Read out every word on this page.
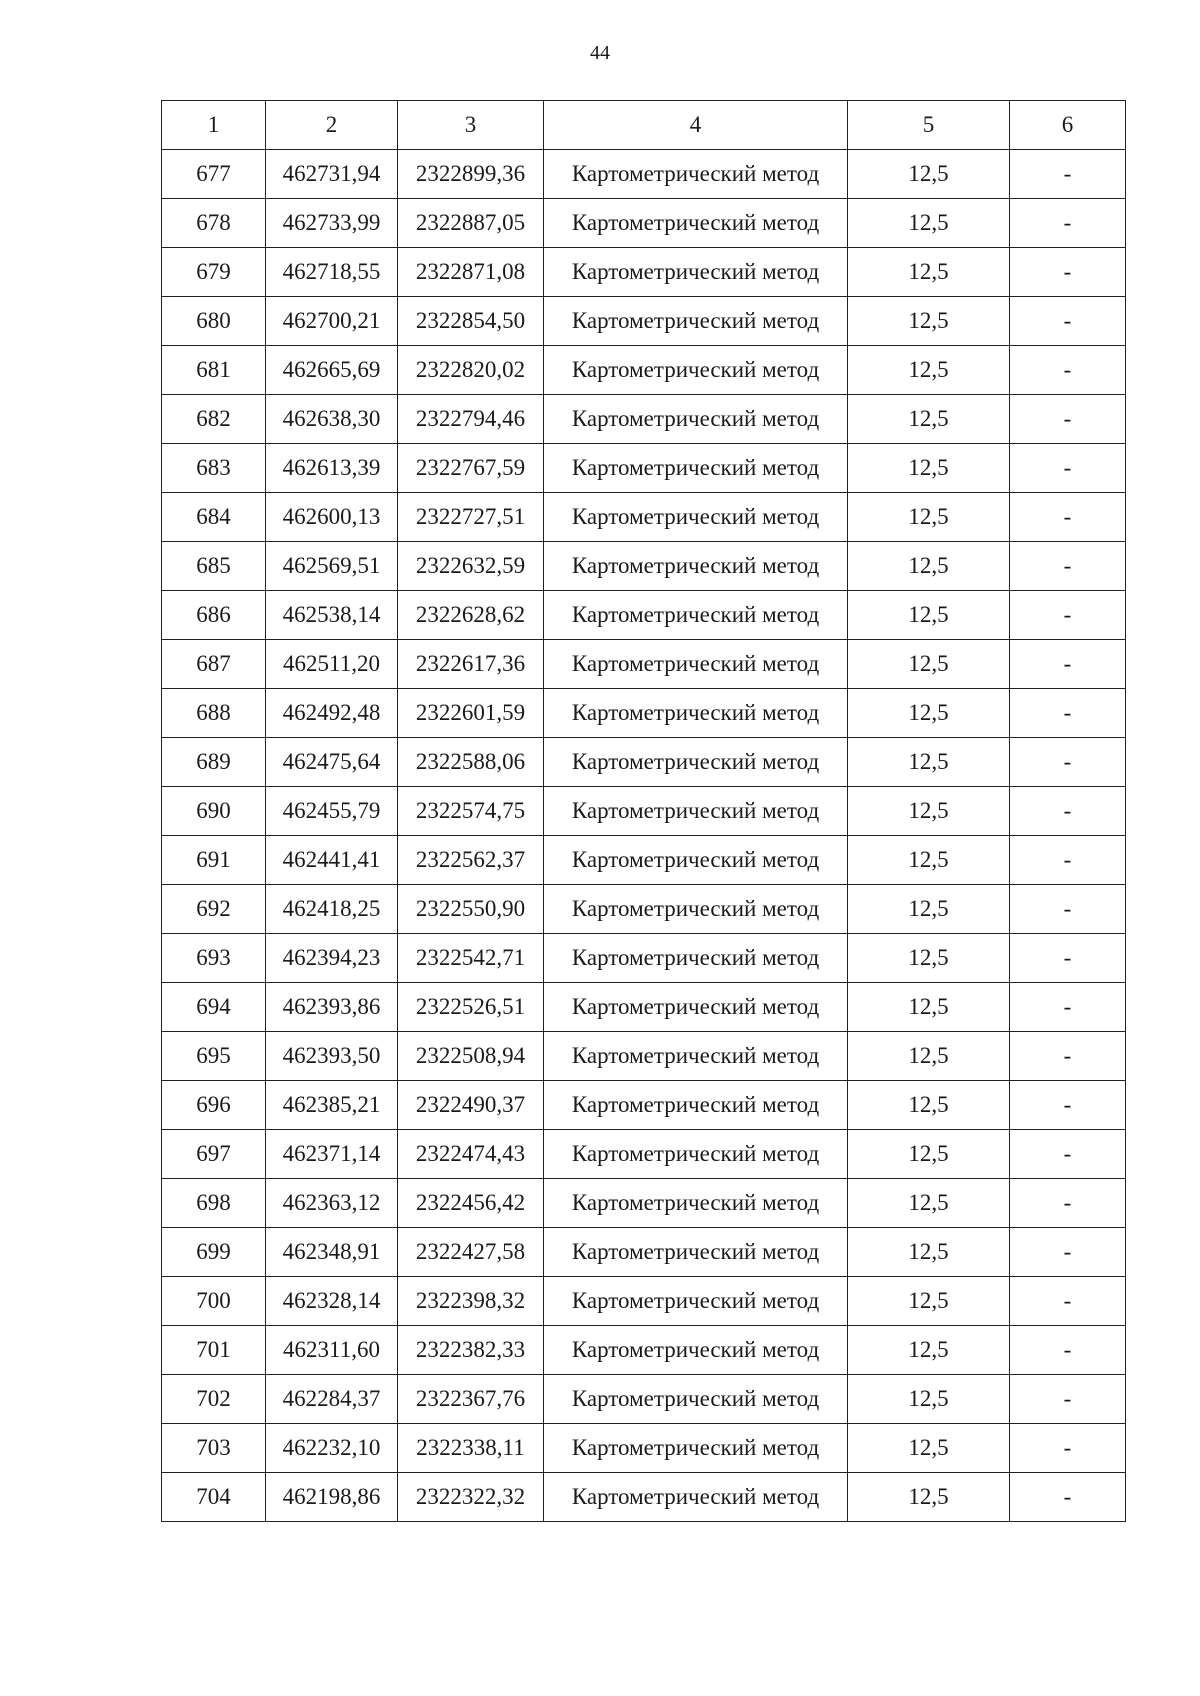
44
1	2	3	4	5	6
677	462731,94	2322899,36	Картометрический метод	12,5	-
678	462733,99	2322887,05	Картометрический метод	12,5	-
679	462718,55	2322871,08	Картометрический метод	12,5	-
680	462700,21	2322854,50	Картометрический метод	12,5	-
681	462665,69	2322820,02	Картометрический метод	12,5	-
682	462638,30	2322794,46	Картометрический метод	12,5	-
683	462613,39	2322767,59	Картометрический метод	12,5	-
684	462600,13	2322727,51	Картометрический метод	12,5	-
685	462569,51	2322632,59	Картометрический метод	12,5	-
686	462538,14	2322628,62	Картометрический метод	12,5	-
687	462511,20	2322617,36	Картометрический метод	12,5	-
688	462492,48	2322601,59	Картометрический метод	12,5	-
689	462475,64	2322588,06	Картометрический метод	12,5	-
690	462455,79	2322574,75	Картометрический метод	12,5	-
691	462441,41	2322562,37	Картометрический метод	12,5	-
692	462418,25	2322550,90	Картометрический метод	12,5	-
693	462394,23	2322542,71	Картометрический метод	12,5	-
694	462393,86	2322526,51	Картометрический метод	12,5	-
695	462393,50	2322508,94	Картометрический метод	12,5	-
696	462385,21	2322490,37	Картометрический метод	12,5	-
697	462371,14	2322474,43	Картометрический метод	12,5	-
698	462363,12	2322456,42	Картометрический метод	12,5	-
699	462348,91	2322427,58	Картометрический метод	12,5	-
700	462328,14	2322398,32	Картометрический метод	12,5	-
701	462311,60	2322382,33	Картометрический метод	12,5	-
702	462284,37	2322367,76	Картометрический метод	12,5	-
703	462232,10	2322338,11	Картометрический метод	12,5	-
704	462198,86	2322322,32	Картометрический метод	12,5	-
